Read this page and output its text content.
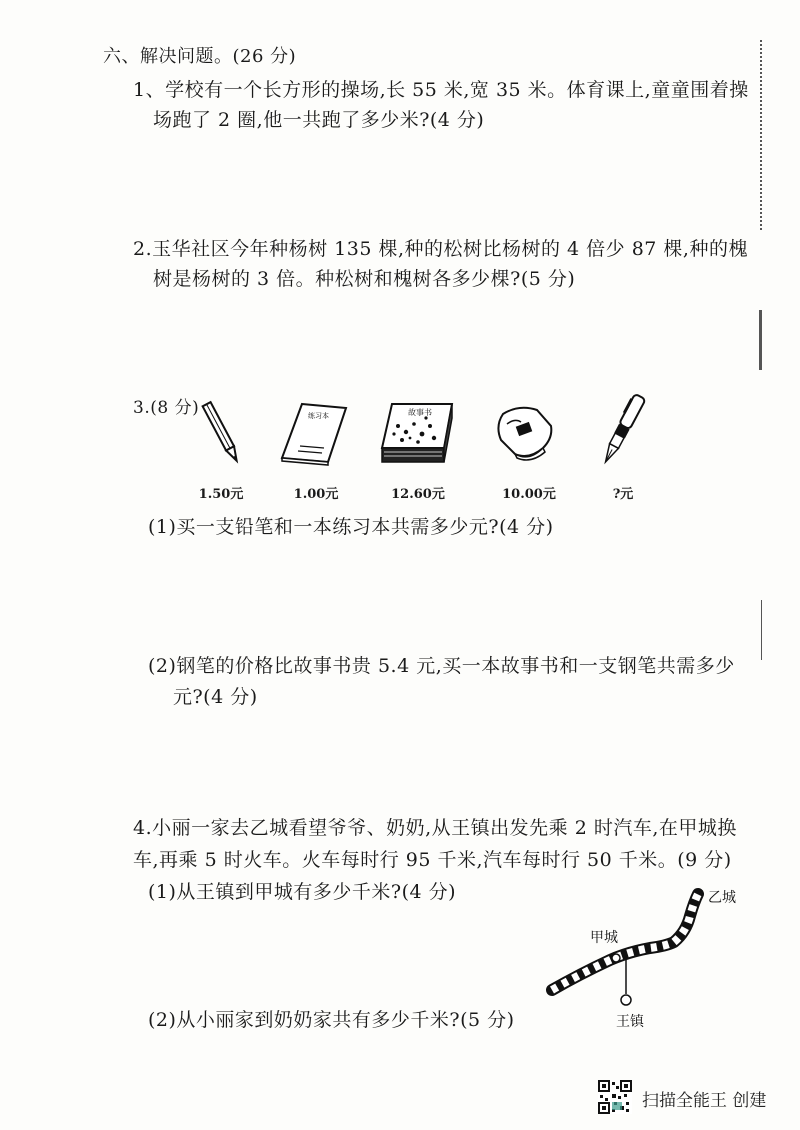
六、解决问题。(26 分)
1、学校有一个长方形的操场,长 55 米,宽 35 米。体育课上,童童围着操
场跑了 2 圈,他一共跑了多少米?(4 分)
2.玉华社区今年种杨树 135 棵,种的松树比杨树的 4 倍少 87 棵,种的槐
树是杨树的 3 倍。种松树和槐树各多少棵?(5 分)
3.(8 分)	练习本	故事书
1.50元	1.00元	12.60元	10.00元	?元
(1)买一支铅笔和一本练习本共需多少元?(4 分)
(2)钢笔的价格比故事书贵 5.4 元,买一本故事书和一支钢笔共需多少
元?(4 分)
4.小丽一家去乙城看望爷爷、奶奶,从王镇出发先乘 2 时汽车,在甲城换
车,再乘 5 时火车。火车每时行 95 千米,汽车每时行 50 千米。(9 分)
(1)从王镇到甲城有多少千米?(4 分)
(2)从小丽家到奶奶家共有多少千米?(5 分)
甲城
乙城
王镇
扫描全能王 创建
